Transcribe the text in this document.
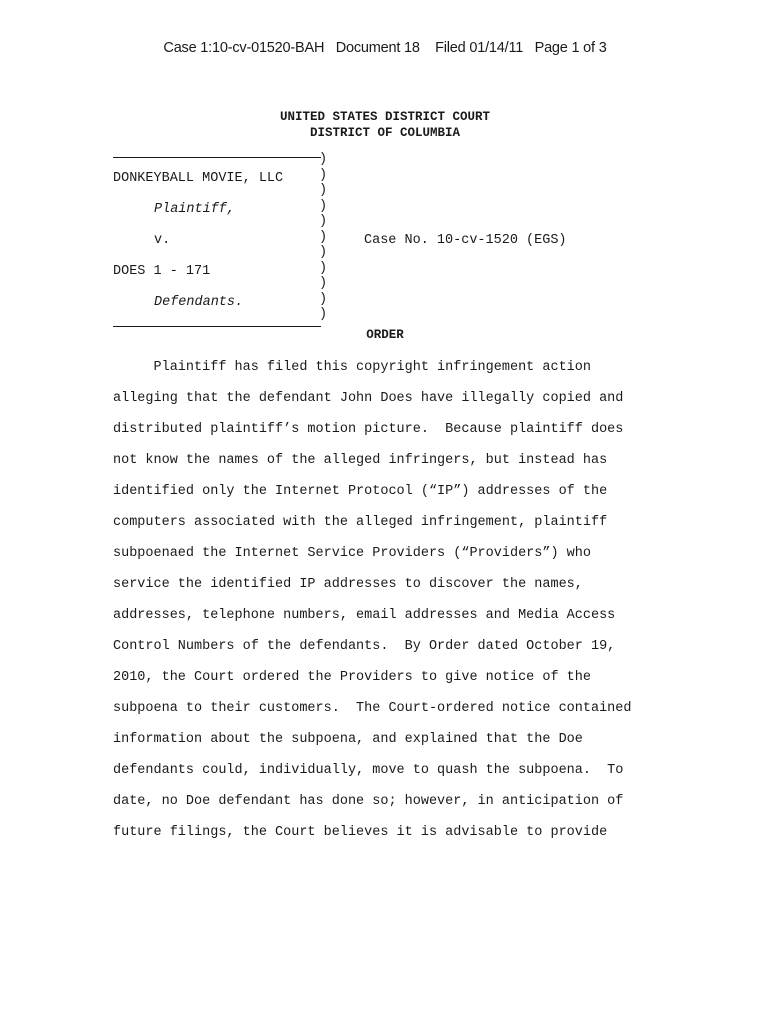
Case 1:10-cv-01520-BAH   Document 18    Filed 01/14/11   Page 1 of 3
UNITED STATES DISTRICT COURT
DISTRICT OF COLUMBIA
)
)
)
)
)
)
)
)
)
)
)
DONKEYBALL MOVIE, LLC
Plaintiff,
v.
DOES 1 - 171
Defendants.
Case No. 10-cv-1520 (EGS)
ORDER
Plaintiff has filed this copyright infringement action
alleging that the defendant John Does have illegally copied and
distributed plaintiff’s motion picture.  Because plaintiff does
not know the names of the alleged infringers, but instead has
identified only the Internet Protocol (“IP”) addresses of the
computers associated with the alleged infringement, plaintiff
subpoenaed the Internet Service Providers (“Providers”) who
service the identified IP addresses to discover the names,
addresses, telephone numbers, email addresses and Media Access
Control Numbers of the defendants.  By Order dated October 19,
2010, the Court ordered the Providers to give notice of the
subpoena to their customers.  The Court-ordered notice contained
information about the subpoena, and explained that the Doe
defendants could, individually, move to quash the subpoena.  To
date, no Doe defendant has done so; however, in anticipation of
future filings, the Court believes it is advisable to provide
